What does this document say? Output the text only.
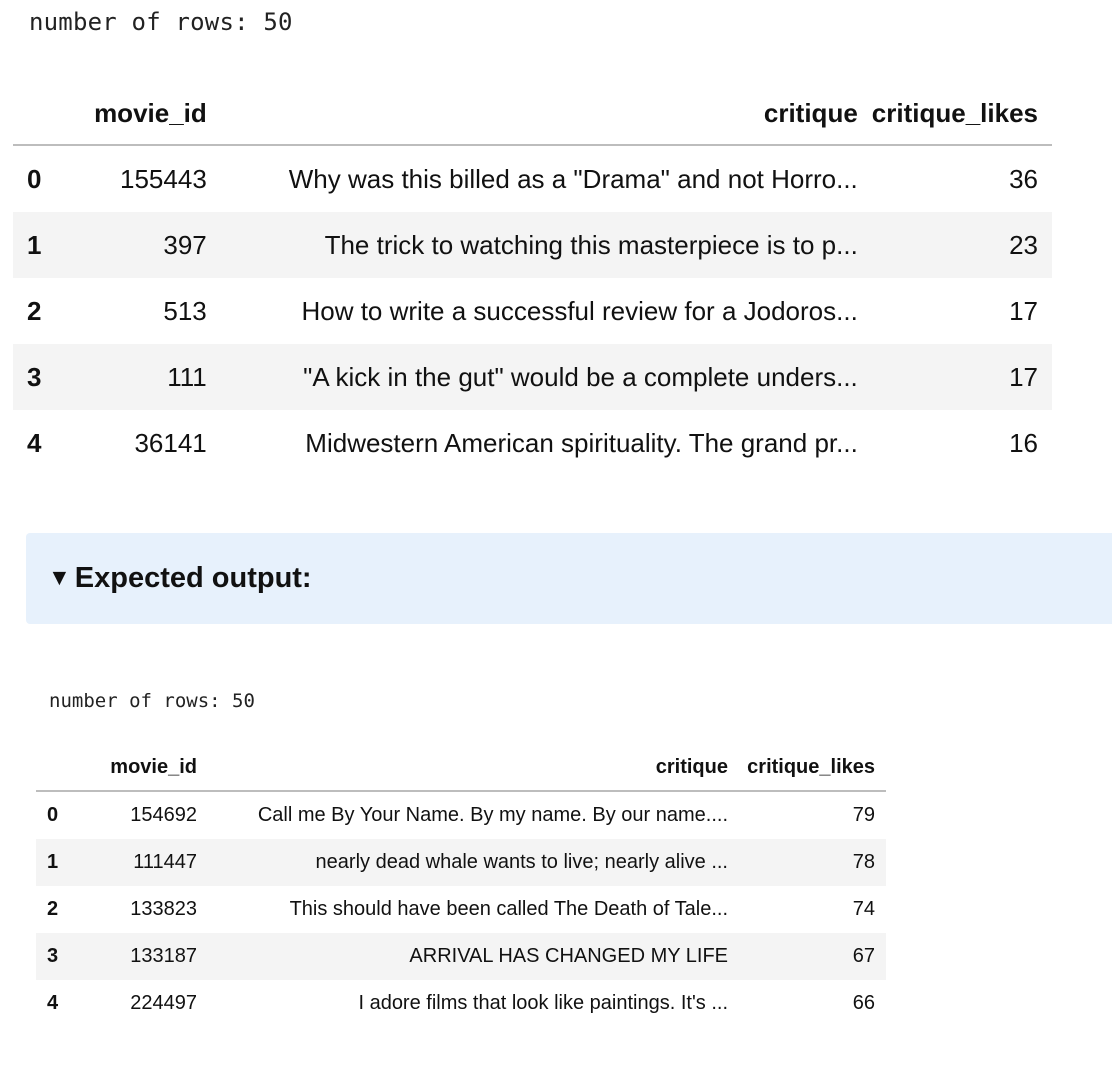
number of rows: 50
	movie_id	critique	critique_likes
0	155443	Why was this billed as a "Drama" and not Horro...	36
1	397	The trick to watching this masterpiece is to p...	23
2	513	How to write a successful review for a Jodoros...	17
3	111	"A kick in the gut" would be a complete unders...	17
4	36141	Midwestern American spirituality. The grand pr...	16
▼ Expected output:
number of rows: 50
	movie_id	critique	critique_likes
0	154692	Call me By Your Name. By my name. By our name....	79
1	111447	nearly dead whale wants to live; nearly alive ...	78
2	133823	This should have been called The Death of Tale...	74
3	133187	ARRIVAL HAS CHANGED MY LIFE	67
4	224497	I adore films that look like paintings. It's ...	66
